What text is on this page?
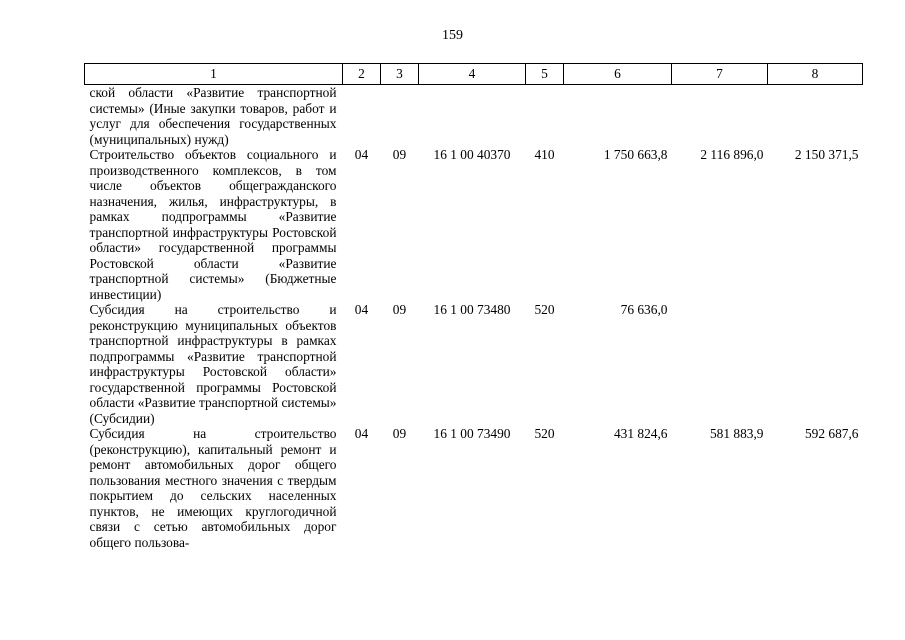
159
1	2	3	4	5	6	7	8
ской области «Развитие транспортной системы» (Иные закупки товаров, работ и услуг для обеспечения государственных (муниципальных) нужд)							
Строительство объектов социального и производственного комплексов, в том числе объектов общегражданского назначения, жилья, инфраструктуры, в рамках подпрограммы «Развитие транспортной инфраструктуры Ростовской области» государственной программы Ростовской области «Развитие транспортной системы» (Бюджетные инвестиции)	04	09	16 1 00 40370	410	1 750 663,8	2 116 896,0	2 150 371,5
Субсидия на строительство и реконструкцию муниципальных объектов транспортной инфраструктуры в рамках подпрограммы «Развитие транспортной инфраструктуры Ростовской области» государственной программы Ростовской области «Развитие транспортной системы» (Субсидии)	04	09	16 1 00 73480	520	76 636,0		
Субсидия на строительство (реконструкцию), капитальный ремонт и ремонт автомобильных дорог общего пользования местного значения с твердым покрытием до сельских населенных пунктов, не имеющих круглогодичной связи с сетью автомобильных дорог общего пользова-	04	09	16 1 00 73490	520	431 824,6	581 883,9	592 687,6
